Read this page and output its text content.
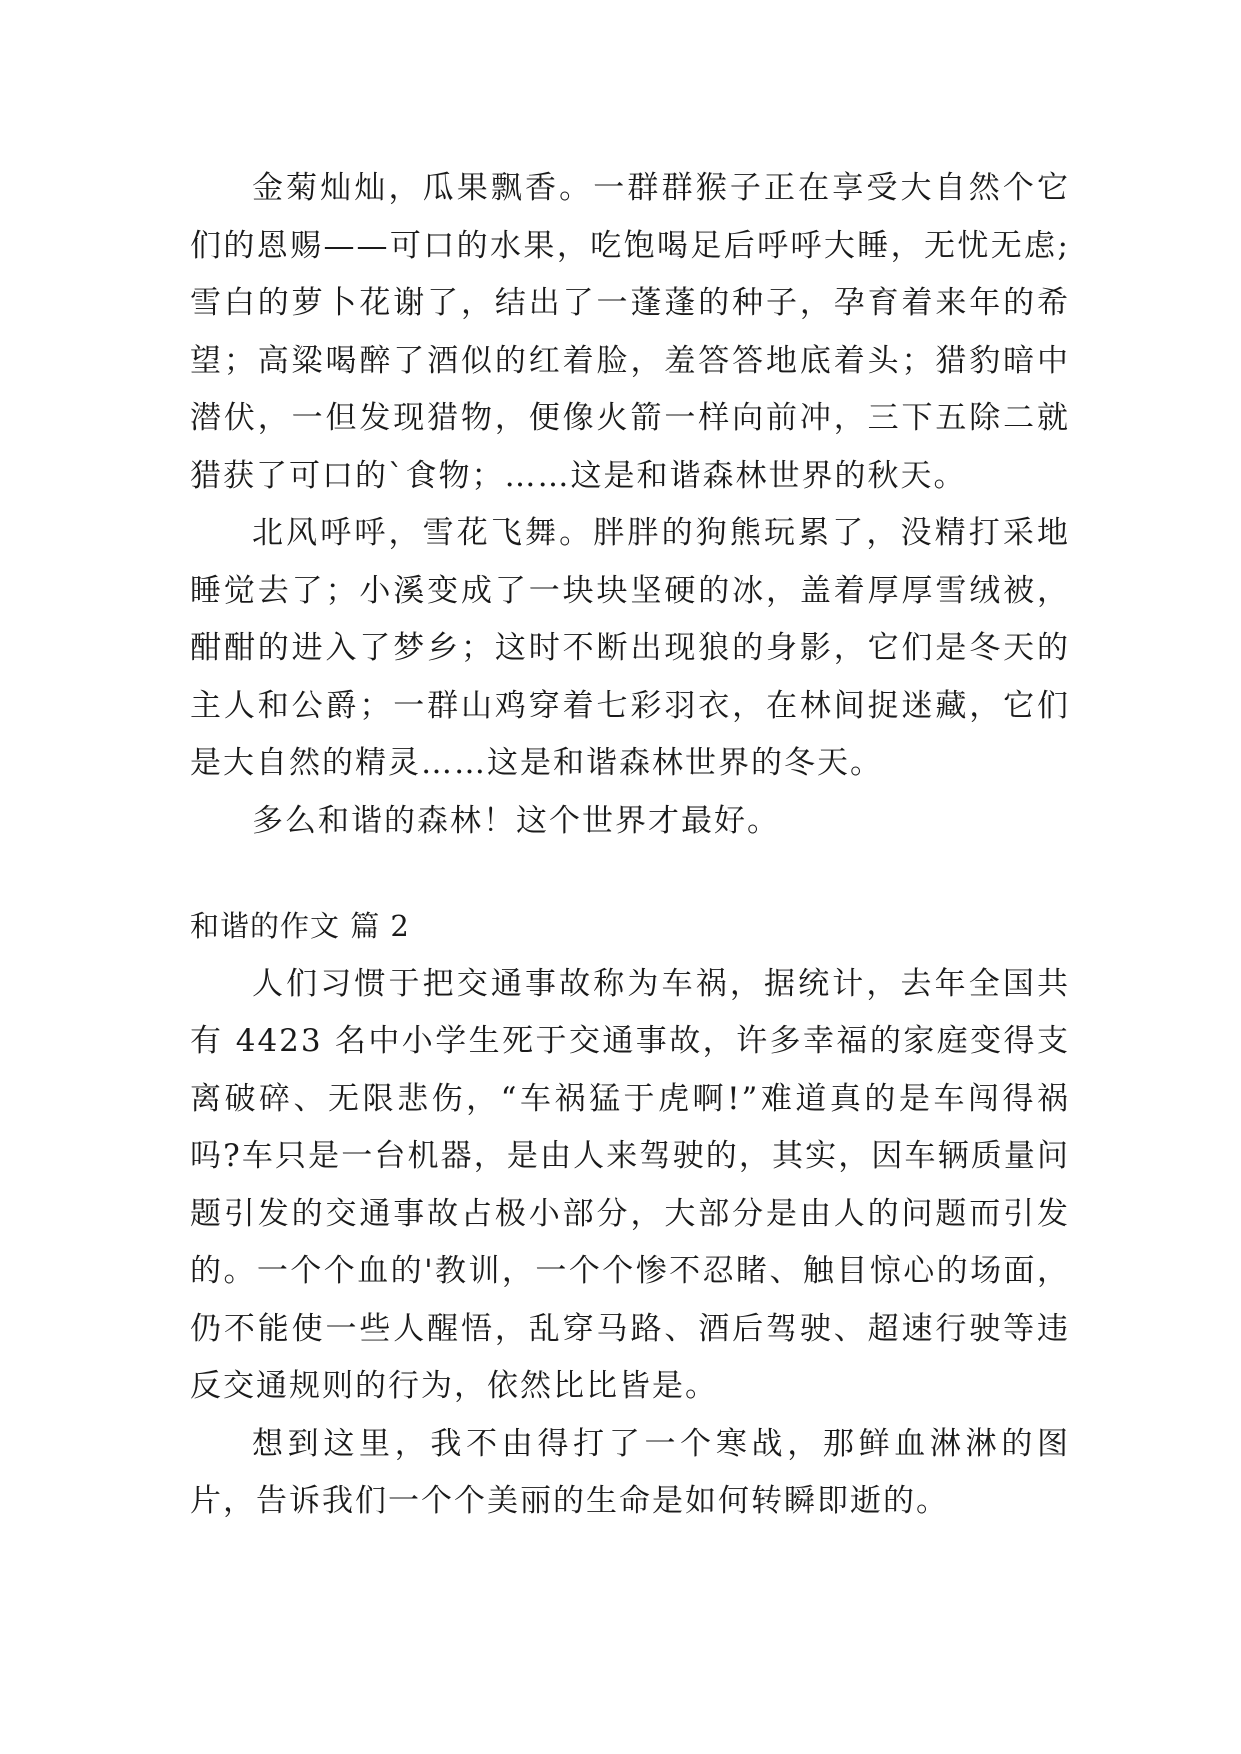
金菊灿灿，瓜果飘香。一群群猴子正在享受大自然个它们的恩赐——可口的水果，吃饱喝足后呼呼大睡，无忧无虑;雪白的萝卜花谢了，结出了一蓬蓬的种子，孕育着来年的希望；高粱喝醉了酒似的红着脸，羞答答地底着头；猎豹暗中潜伏，一但发现猎物，便像火箭一样向前冲，三下五除二就猎获了可口的`食物；……这是和谐森林世界的秋天。

北风呼呼，雪花飞舞。胖胖的狗熊玩累了，没精打采地睡觉去了；小溪变成了一块块坚硬的冰，盖着厚厚雪绒被，酣酣的进入了梦乡；这时不断出现狼的身影，它们是冬天的主人和公爵；一群山鸡穿着七彩羽衣，在林间捉迷藏，它们是大自然的精灵……这是和谐森林世界的冬天。

多么和谐的森林！这个世界才最好。

和谐的作文 篇 2

人们习惯于把交通事故称为车祸，据统计，去年全国共有 4423 名中小学生死于交通事故，许多幸福的家庭变得支离破碎、无限悲伤，“车祸猛于虎啊!”难道真的是车闯得祸吗?车只是一台机器，是由人来驾驶的，其实，因车辆质量问题引发的交通事故占极小部分，大部分是由人的问题而引发的。一个个血的'教训，一个个惨不忍睹、触目惊心的场面，仍不能使一些人醒悟，乱穿马路、酒后驾驶、超速行驶等违反交通规则的行为，依然比比皆是。

想到这里，我不由得打了一个寒战，那鲜血淋淋的图片，告诉我们一个个美丽的生命是如何转瞬即逝的。
